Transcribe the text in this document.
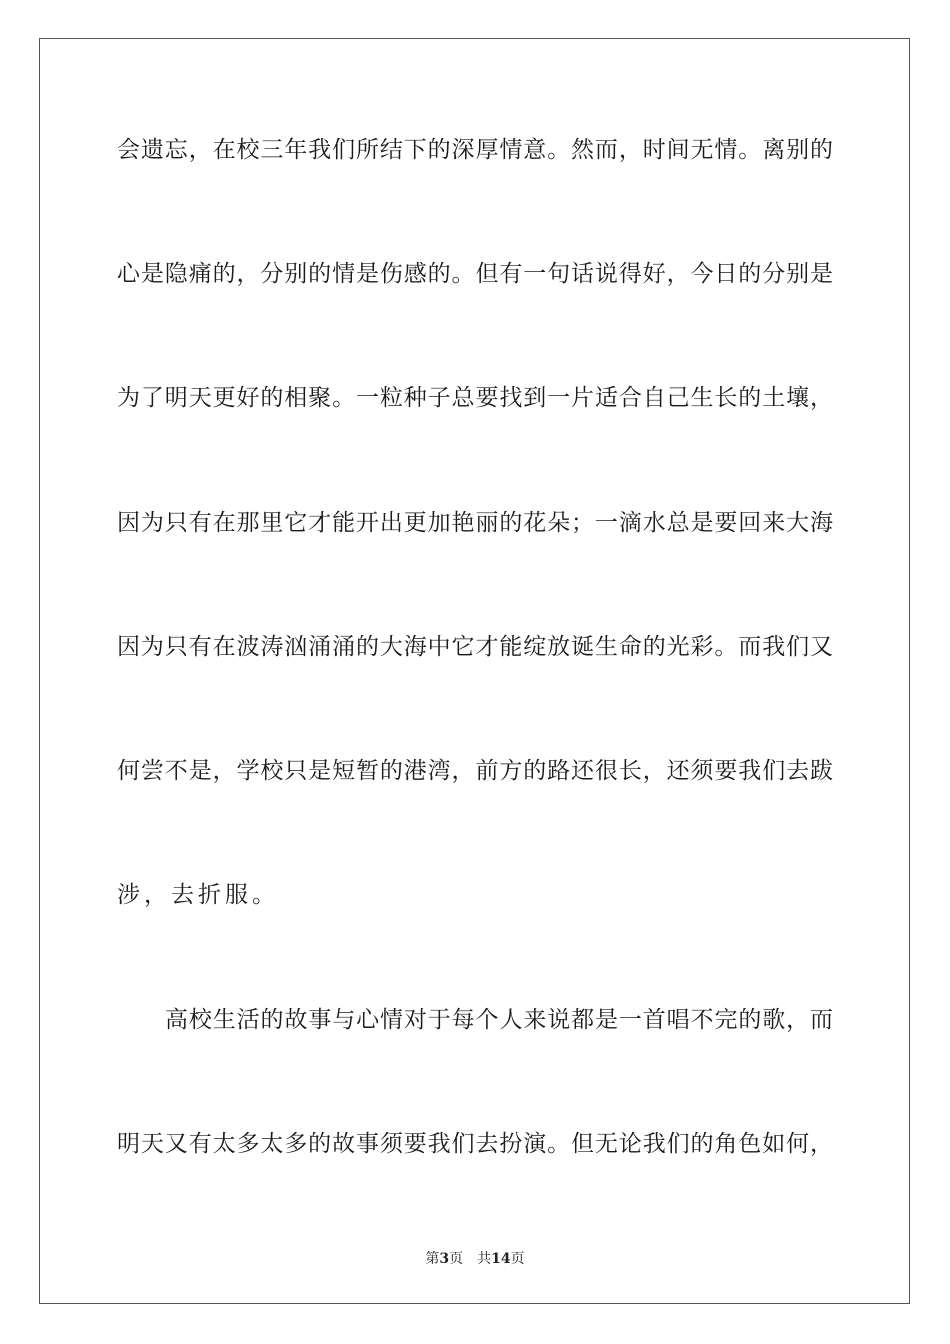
会遗忘，在校三年我们所结下的深厚情意。然而，时间无情。离别的
心是隐痛的，分别的情是伤感的。但有一句话说得好，今日的分别是
为了明天更好的相聚。一粒种子总要找到一片适合自己生长的土壤，
因为只有在那里它才能开出更加艳丽的花朵；一滴水总是要回来大海
因为只有在波涛汹涌涌的大海中它才能绽放诞生命的光彩。而我们又
何尝不是，学校只是短暂的港湾，前方的路还很长，还须要我们去跋
涉，去折服。
高校生活的故事与心情对于每个人来说都是一首唱不完的歌，而
明天又有太多太多的故事须要我们去扮演。但无论我们的角色如何，
第3页 共14页
